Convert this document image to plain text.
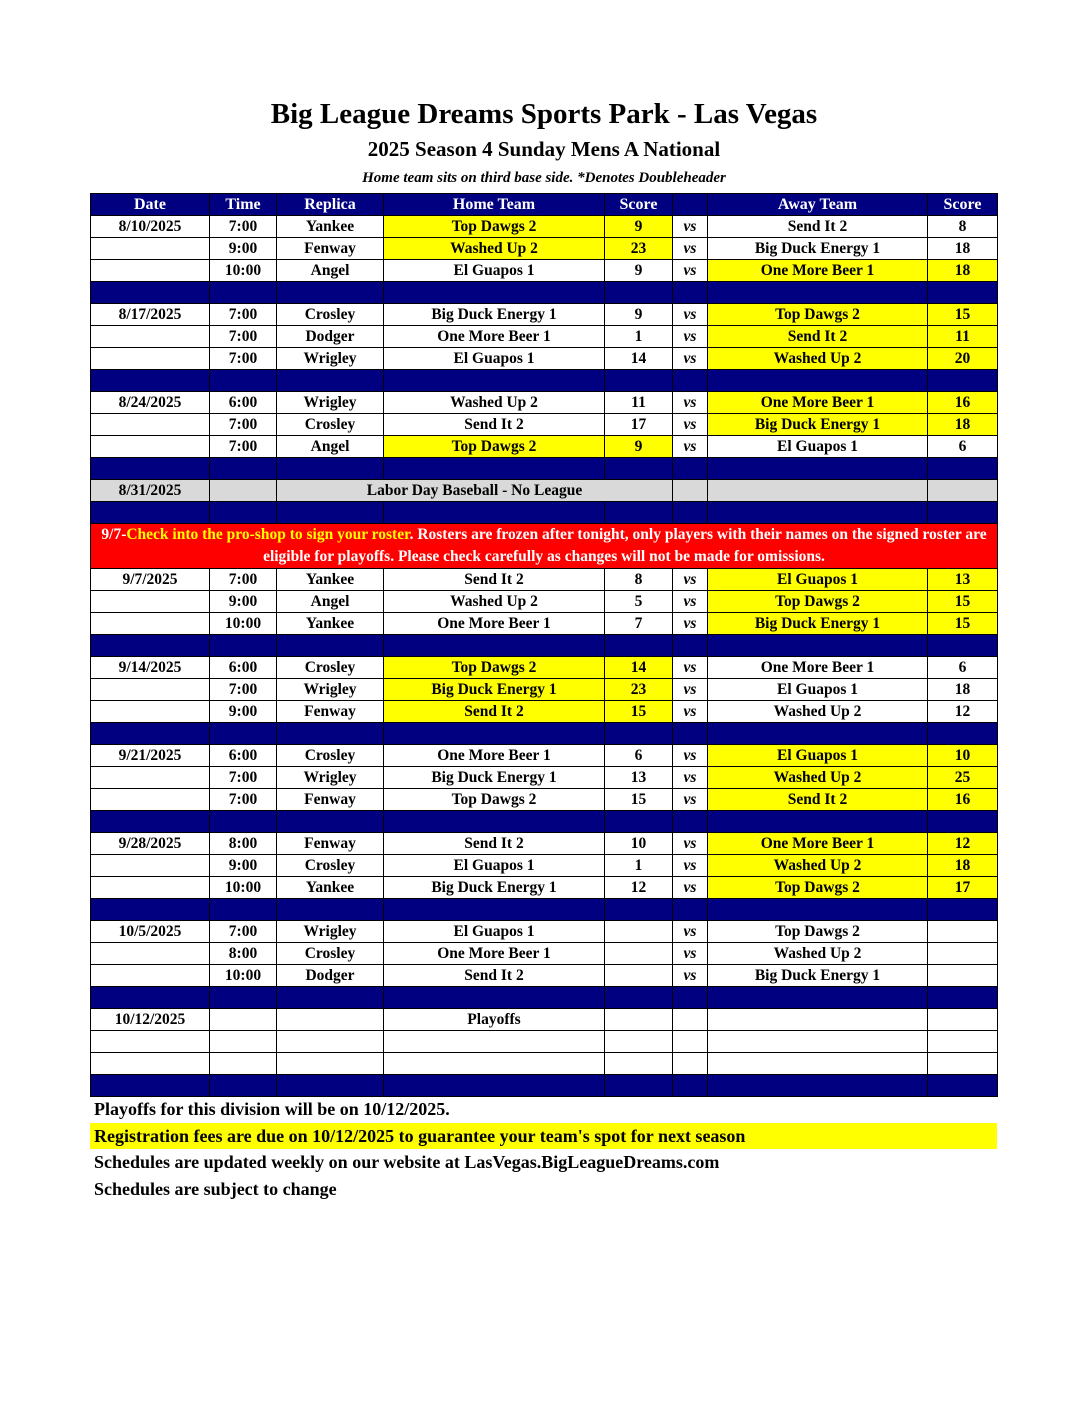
Big League Dreams Sports Park - Las Vegas
2025 Season 4 Sunday Mens A National
Home team sits on third base side. *Denotes Doubleheader
Date	Time	Replica	Home Team	Score		Away Team	Score
8/10/2025	7:00	Yankee	Top Dawgs 2	9	vs	Send It 2	8
	9:00	Fenway	Washed Up 2	23	vs	Big Duck Energy 1	18
	10:00	Angel	El Guapos 1	9	vs	One More Beer 1	18

8/17/2025	7:00	Crosley	Big Duck Energy 1	9	vs	Top Dawgs 2	15
	7:00	Dodger	One More Beer 1	1	vs	Send It 2	11
	7:00	Wrigley	El Guapos 1	14	vs	Washed Up 2	20

8/24/2025	6:00	Wrigley	Washed Up 2	11	vs	One More Beer 1	16
	7:00	Crosley	Send It 2	17	vs	Big Duck Energy 1	18
	7:00	Angel	Top Dawgs 2	9	vs	El Guapos 1	6

8/31/2025		Labor Day Baseball - No League					

9/7-Check into the pro-shop to sign your roster. Rosters are frozen after tonight, only players with their names on the signed roster are eligible for playoffs. Please check carefully as changes will not be made for omissions.							
9/7/2025	7:00	Yankee	Send It 2	8	vs	El Guapos 1	13
	9:00	Angel	Washed Up 2	5	vs	Top Dawgs 2	15
	10:00	Yankee	One More Beer 1	7	vs	Big Duck Energy 1	15

9/14/2025	6:00	Crosley	Top Dawgs 2	14	vs	One More Beer 1	6
	7:00	Wrigley	Big Duck Energy 1	23	vs	El Guapos 1	18
	9:00	Fenway	Send It 2	15	vs	Washed Up 2	12

9/21/2025	6:00	Crosley	One More Beer 1	6	vs	El Guapos 1	10
	7:00	Wrigley	Big Duck Energy 1	13	vs	Washed Up 2	25
	7:00	Fenway	Top Dawgs 2	15	vs	Send It 2	16

9/28/2025	8:00	Fenway	Send It 2	10	vs	One More Beer 1	12
	9:00	Crosley	El Guapos 1	1	vs	Washed Up 2	18
	10:00	Yankee	Big Duck Energy 1	12	vs	Top Dawgs 2	17

10/5/2025	7:00	Wrigley	El Guapos 1		vs	Top Dawgs 2	
	8:00	Crosley	One More Beer 1		vs	Washed Up 2	
	10:00	Dodger	Send It 2		vs	Big Duck Energy 1	

10/12/2025			Playoffs				

Playoffs for this division will be on 10/12/2025.
Registration fees are due on 10/12/2025 to guarantee your team's spot for next season
Schedules are updated weekly on our website at LasVegas.BigLeagueDreams.com
Schedules are subject to change
